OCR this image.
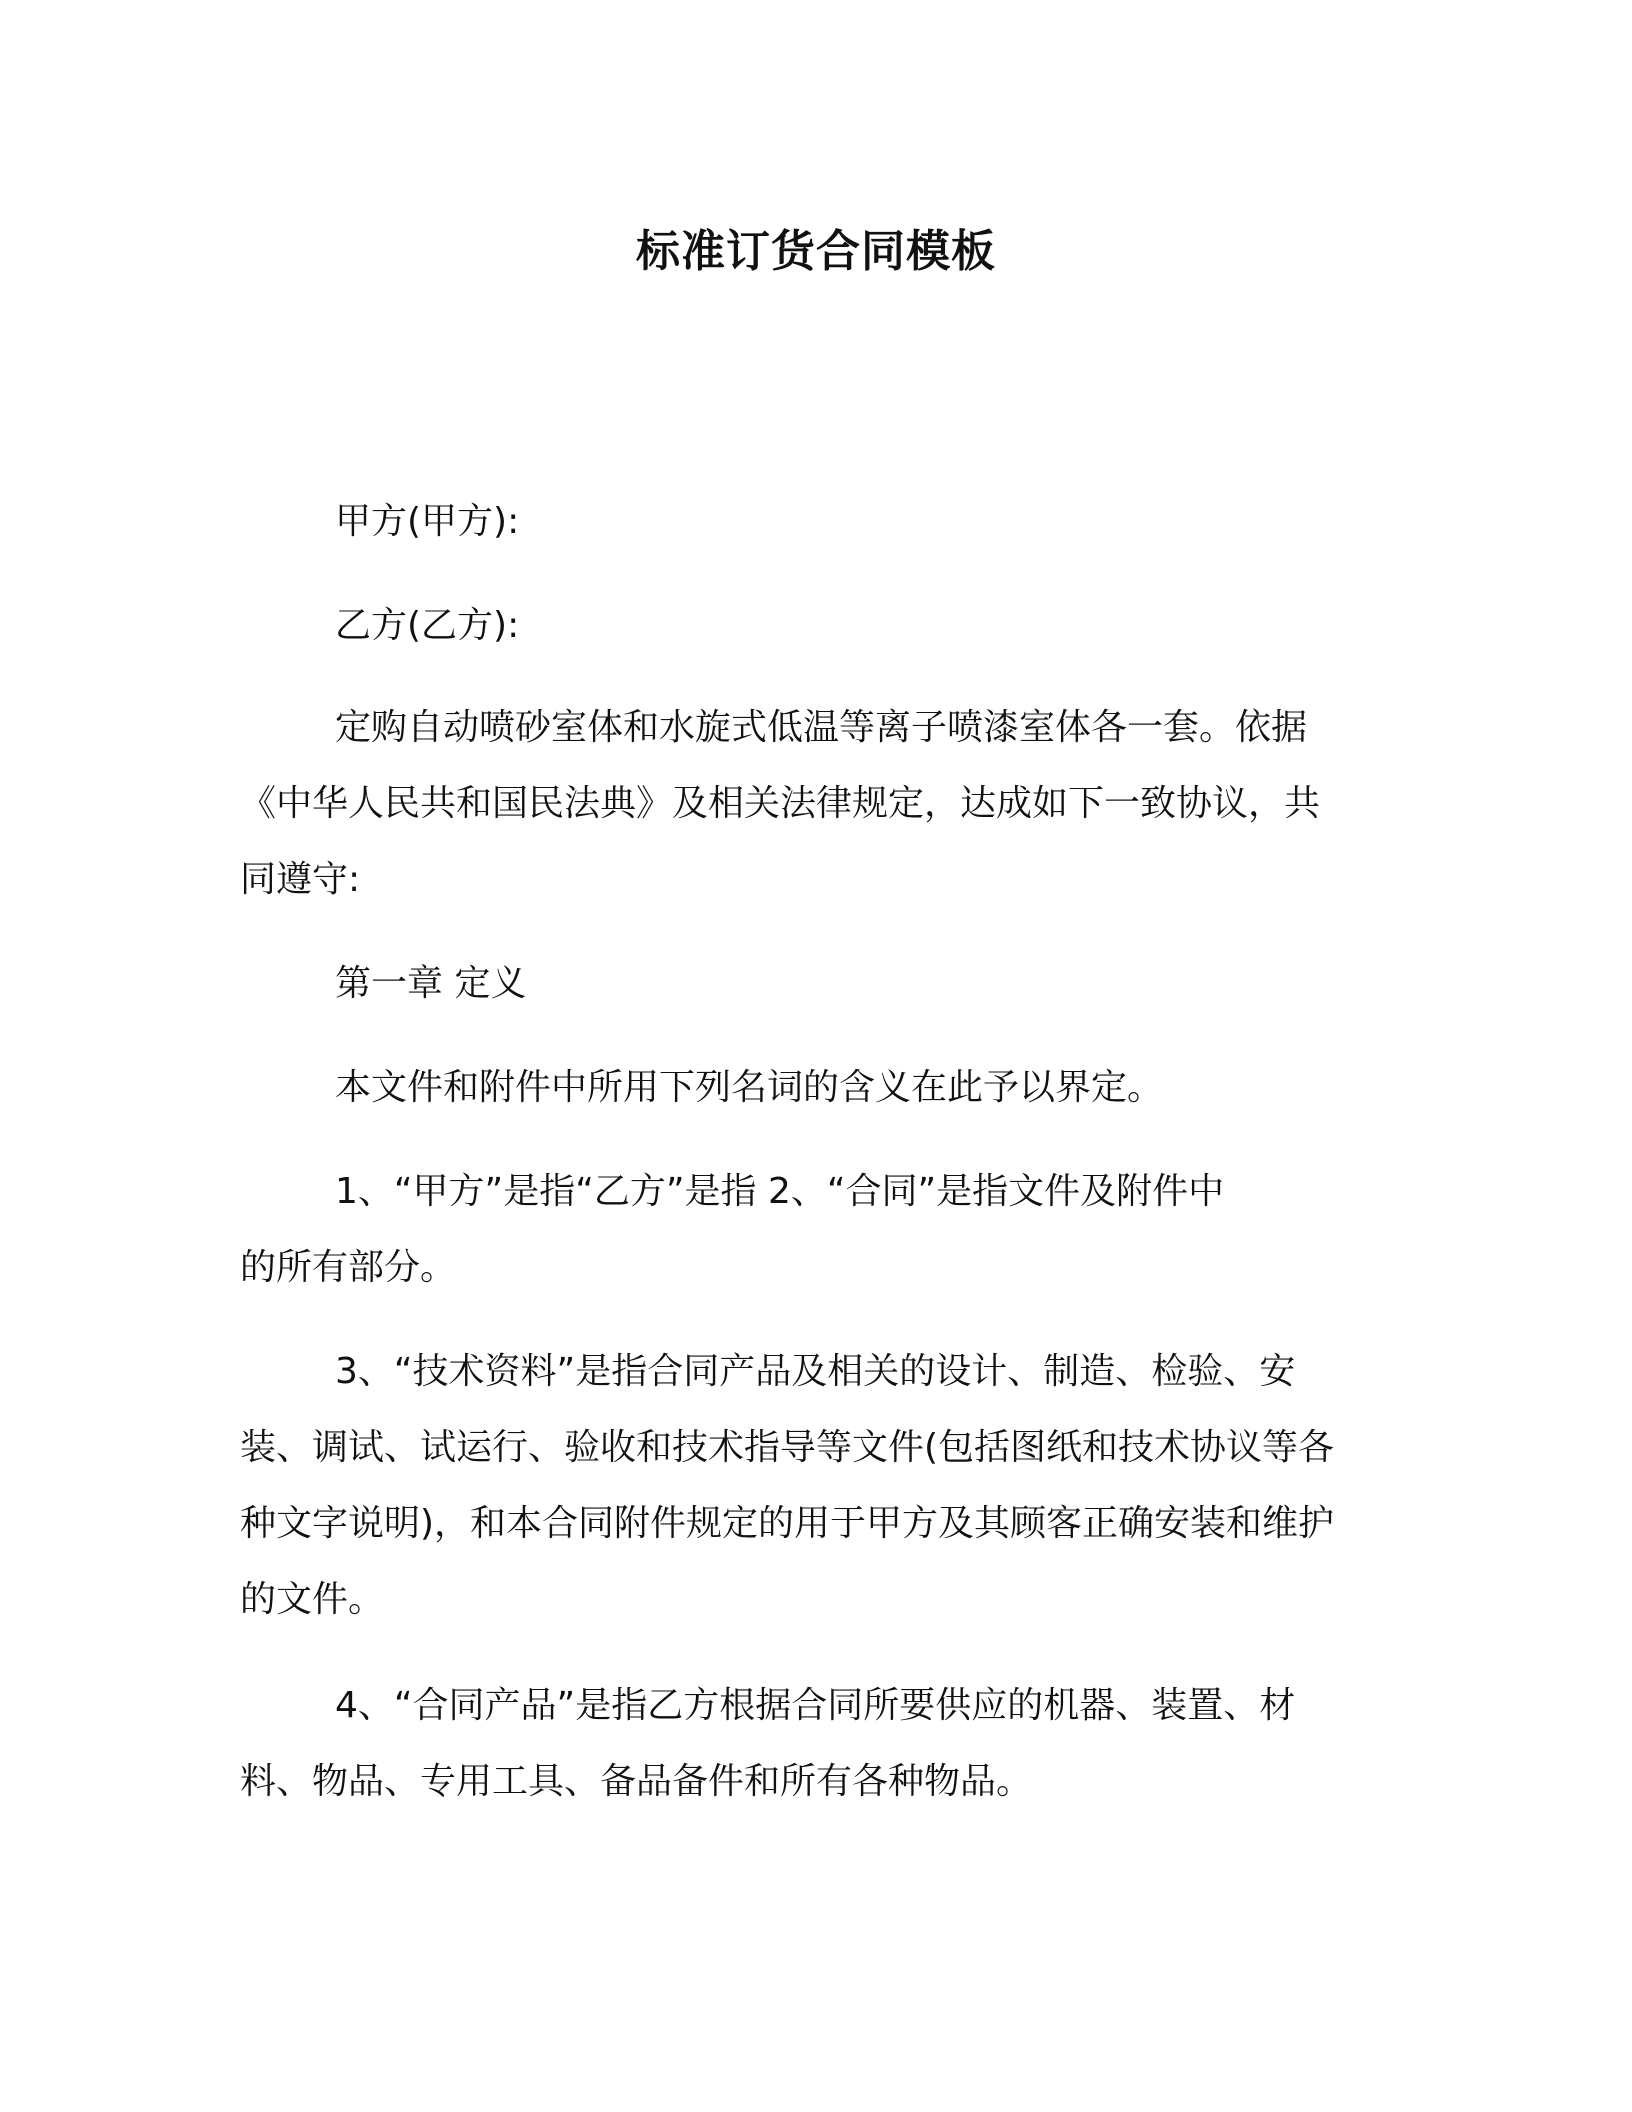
标准订货合同模板

甲方(甲方):

乙方(乙方):

定购自动喷砂室体和水旋式低温等离子喷漆室体各一套。依据
《中华人民共和国民法典》及相关法律规定，达成如下一致协议，共
同遵守:

第一章 定义

本文件和附件中所用下列名词的含义在此予以界定。

1、“甲方”是指“乙方”是指 2、“合同”是指文件及附件中
的所有部分。

3、“技术资料”是指合同产品及相关的设计、制造、检验、安
装、调试、试运行、验收和技术指导等文件(包括图纸和技术协议等各
种文字说明)，和本合同附件规定的用于甲方及其顾客正确安装和维护
的文件。

4、“合同产品”是指乙方根据合同所要供应的机器、装置、材
料、物品、专用工具、备品备件和所有各种物品。
